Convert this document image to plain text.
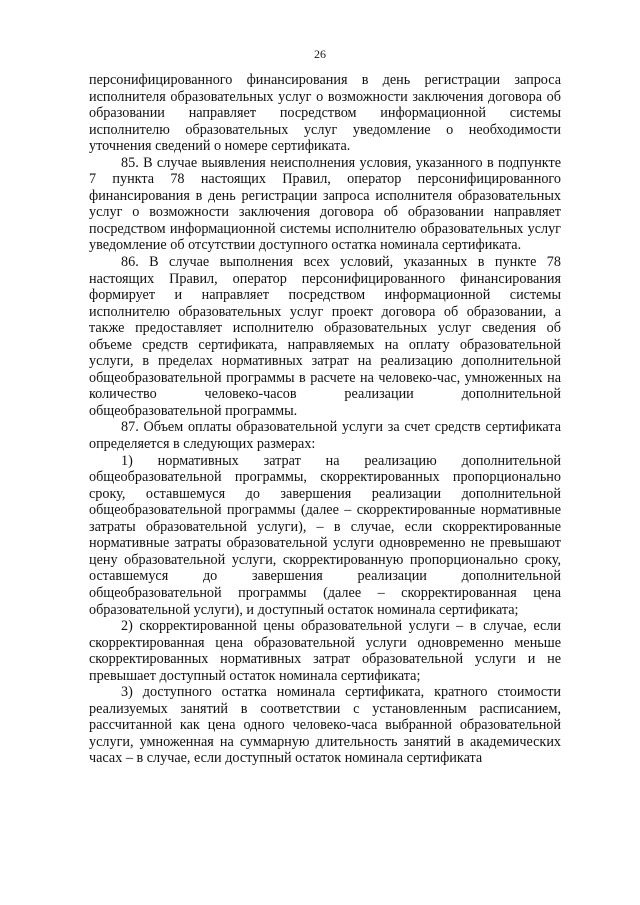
26

персонифицированного финансирования в день регистрации запроса исполнителя образовательных услуг о возможности заключения договора об образовании направляет посредством информационной системы исполнителю образовательных услуг уведомление о необходимости уточнения сведений о номере сертификата.

85. В случае выявления неисполнения условия, указанного в подпункте 7 пункта 78 настоящих Правил, оператор персонифицированного финансирования в день регистрации запроса исполнителя образовательных услуг о возможности заключения договора об образовании направляет посредством информационной системы исполнителю образовательных услуг уведомление об отсутствии доступного остатка номинала сертификата.

86. В случае выполнения всех условий, указанных в пункте 78 настоящих Правил, оператор персонифицированного финансирования формирует и направляет посредством информационной системы исполнителю образовательных услуг проект договора об образовании, а также предоставляет исполнителю образовательных услуг сведения об объеме средств сертификата, направляемых на оплату образовательной услуги, в пределах нормативных затрат на реализацию дополнительной общеобразовательной программы в расчете на человеко-час, умноженных на количество человеко-часов реализации дополнительной общеобразовательной программы.

87. Объем оплаты образовательной услуги за счет средств сертификата определяется в следующих размерах:

1) нормативных затрат на реализацию дополнительной общеобразовательной программы, скорректированных пропорционально сроку, оставшемуся до завершения реализации дополнительной общеобразовательной программы (далее – скорректированные нормативные затраты образовательной услуги), – в случае, если скорректированные нормативные затраты образовательной услуги одновременно не превышают цену образовательной услуги, скорректированную пропорционально сроку, оставшемуся до завершения реализации дополнительной общеобразовательной программы (далее – скорректированная цена образовательной услуги), и доступный остаток номинала сертификата;

2) скорректированной цены образовательной услуги – в случае, если скорректированная цена образовательной услуги одновременно меньше скорректированных нормативных затрат образовательной услуги и не превышает доступный остаток номинала сертификата;

3) доступного остатка номинала сертификата, кратного стоимости реализуемых занятий в соответствии с установленным расписанием, рассчитанной как цена одного человеко-часа выбранной образовательной услуги, умноженная на суммарную длительность занятий в академических часах – в случае, если доступный остаток номинала сертификата
